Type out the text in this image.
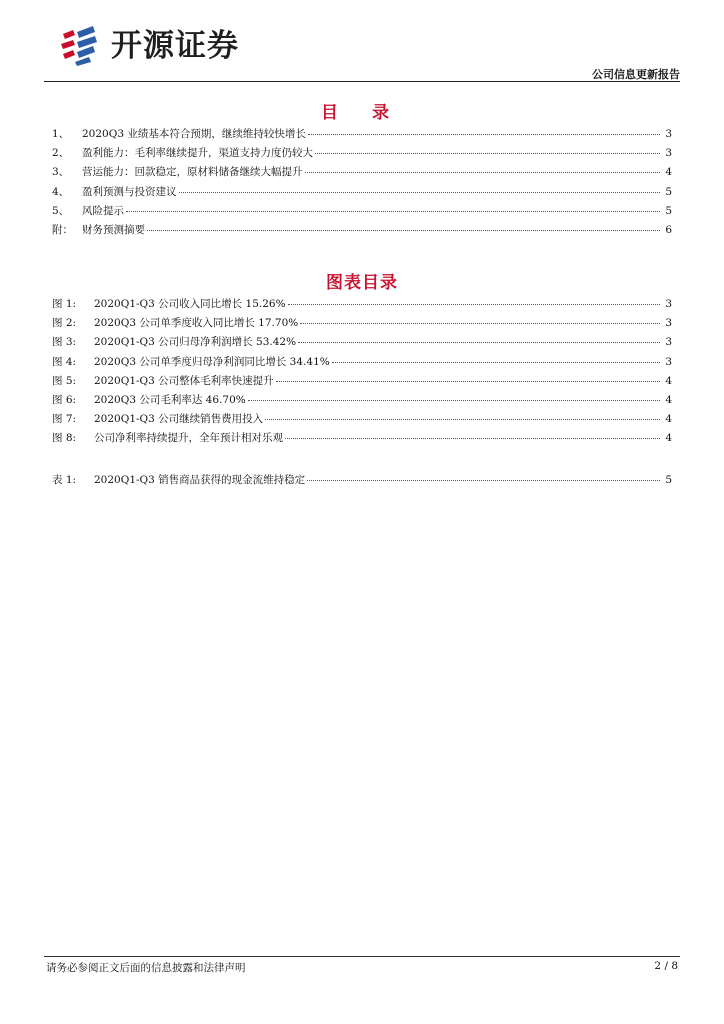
开源证券
公司信息更新报告
目 录
1、	2020Q3 业绩基本符合预期，继续维持较快增长	3
2、	盈利能力：毛利率继续提升，渠道支持力度仍较大	3
3、	营运能力：回款稳定，原材料储备继续大幅提升	4
4、	盈利预测与投资建议	5
5、	风险提示	5
附： 财务预测摘要	6
图表目录
图 1:	2020Q1-Q3 公司收入同比增长 15.26%	3
图 2:	2020Q3 公司单季度收入同比增长 17.70%	3
图 3:	2020Q1-Q3 公司归母净利润增长 53.42%	3
图 4:	2020Q3 公司单季度归母净利润同比增长 34.41%	3
图 5:	2020Q1-Q3 公司整体毛利率快速提升	4
图 6:	2020Q3 公司毛利率达 46.70%	4
图 7:	2020Q1-Q3 公司继续销售费用投入	4
图 8:	公司净利率持续提升，全年预计相对乐观	4
表 1:	2020Q1-Q3 销售商品获得的现金流维持稳定	5
请务必参阅正文后面的信息披露和法律声明	2 / 8
